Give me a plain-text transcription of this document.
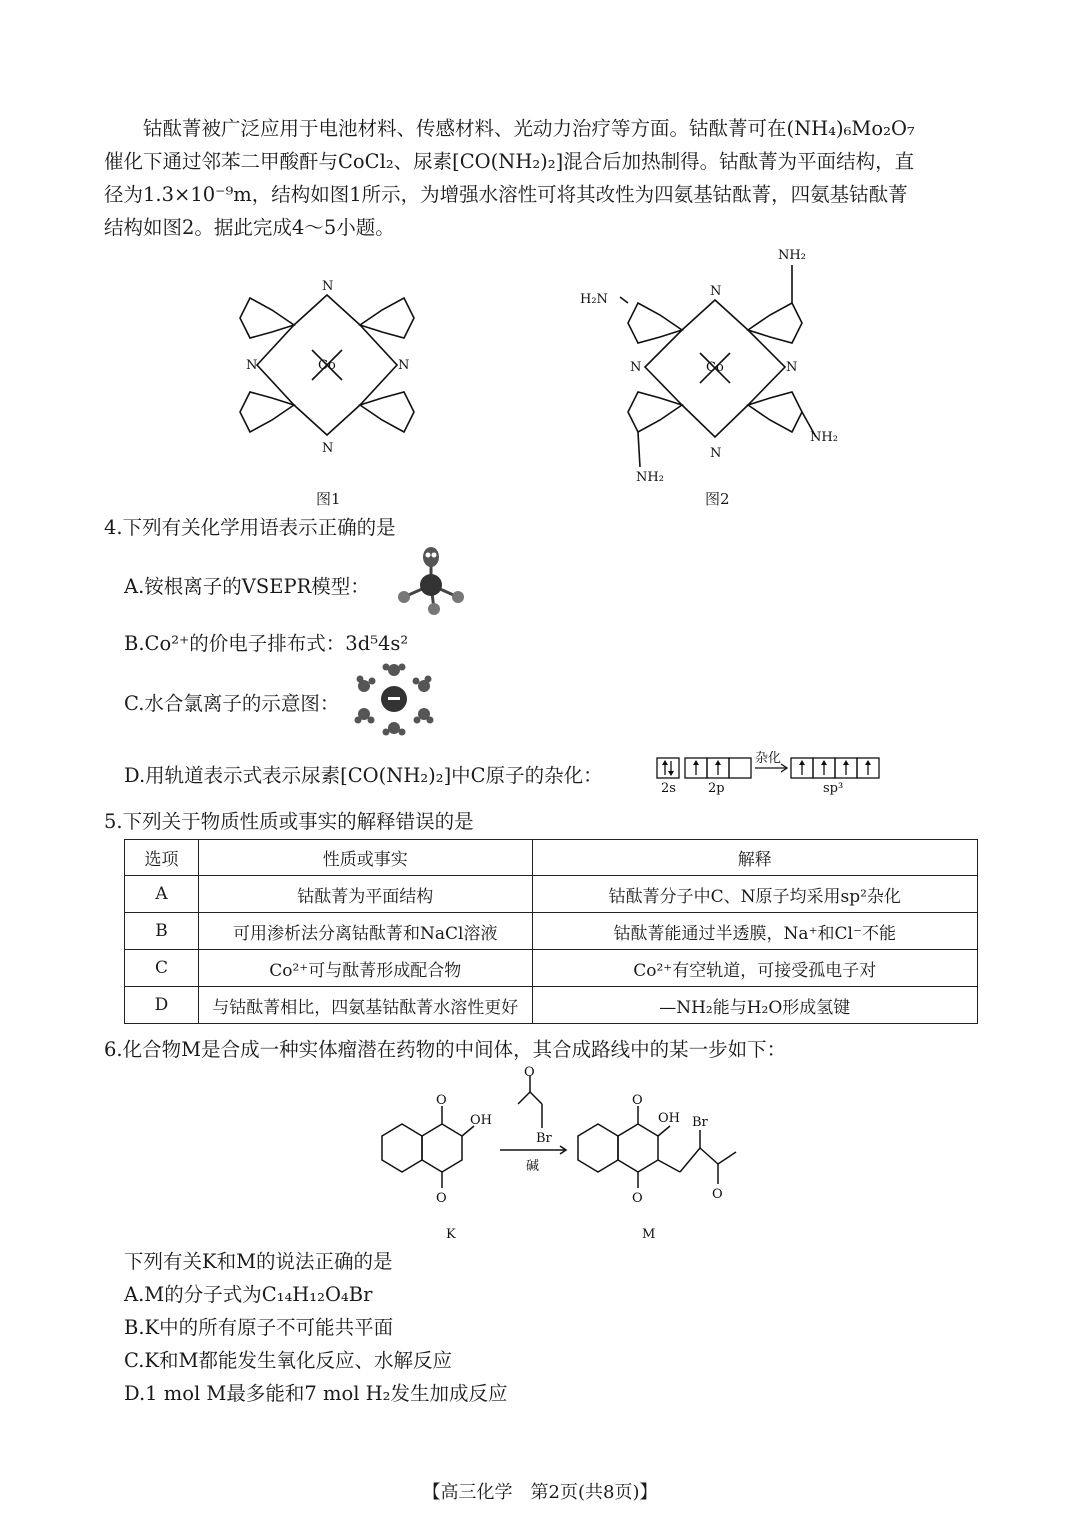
钴酞菁被广泛应用于电池材料、传感材料、光动力治疗等方面。钴酞菁可在(NH₄)₆Mo₂O₇

催化下通过邻苯二甲酸酐与CoCl₂、尿素[CO(NH₂)₂]混合后加热制得。钴酞菁为平面结构，直

径为1.3×10⁻⁹m，结构如图1所示，为增强水溶性可将其改性为四氨基钴酞菁，四氨基钴酞菁

结构如图2。据此完成4～5小题。

Co
N
N
N	N
图1
Co
N
N
N	N
H₂N
NH₂
NH₂
NH₂
图2
4.下列有关化学用语表示正确的是
A.铵根离子的VSEPR模型：
B.Co²⁺的价电子排布式：3d⁵4s²
C.水合氯离子的示意图：
D.用轨道表示式表示尿素[CO(NH₂)₂]中C原子的杂化：
2s 2p
杂化
sp³
5.下列关于物质性质或事实的解释错误的是
选项	性质或事实	解释
A	钴酞菁为平面结构	钴酞菁分子中C、N原子均采用sp²杂化
B	可用渗析法分离钴酞菁和NaCl溶液	钴酞菁能通过半透膜，Na⁺和Cl⁻不能
C	Co²⁺可与酞菁形成配合物	Co²⁺有空轨道，可接受孤电子对
D	与钴酞菁相比，四氨基钴酞菁水溶性更好	—NH₂能与H₂O形成氢键
6.化合物M是合成一种实体瘤潜在药物的中间体，其合成路线中的某一步如下：
O
O
OH
O
Br
碱
O
O
OH Br
O
K	M
下列有关K和M的说法正确的是
A.M的分子式为C₁₄H₁₂O₄Br
B.K中的所有原子不可能共平面
C.K和M都能发生氧化反应、水解反应
D.1 mol M最多能和7 mol H₂发生加成反应
【高三化学　第2页(共8页)】
